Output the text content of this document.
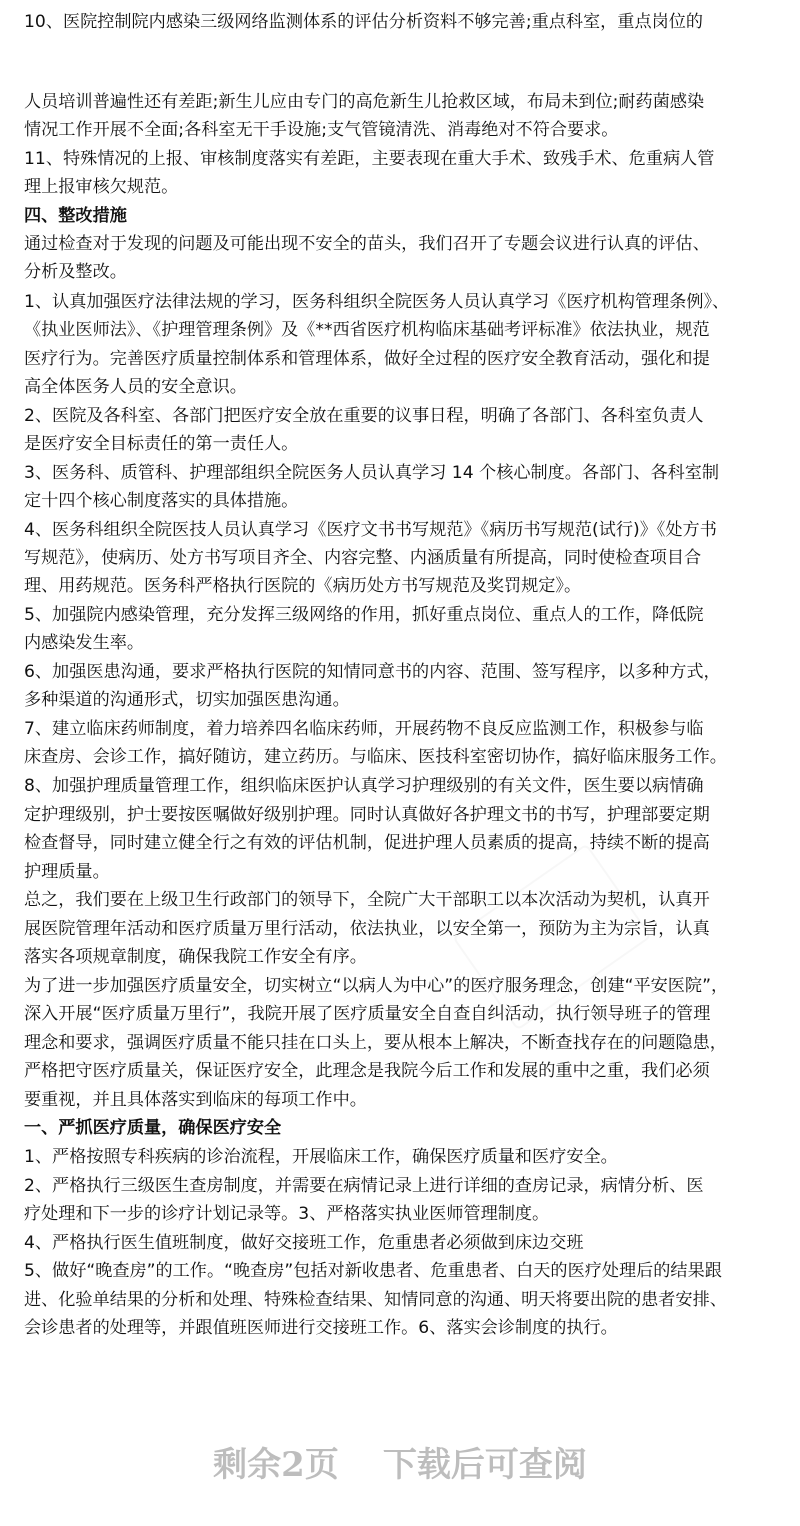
10、医院控制院内感染三级网络监测体系的评估分析资料不够完善;重点科室，重点岗位的
人员培训普遍性还有差距;新生儿应由专门的高危新生儿抢救区域，布局未到位;耐药菌感染
情况工作开展不全面;各科室无干手设施;支气管镜清洗、消毒绝对不符合要求。
11、特殊情况的上报、审核制度落实有差距，主要表现在重大手术、致残手术、危重病人管
理上报审核欠规范。
四、整改措施
通过检查对于发现的问题及可能出现不安全的苗头，我们召开了专题会议进行认真的评估、
分析及整改。
1、认真加强医疗法律法规的学习，医务科组织全院医务人员认真学习《医疗机构管理条例》、
《执业医师法》、《护理管理条例》及《**西省医疗机构临床基础考评标准》依法执业，规范
医疗行为。完善医疗质量控制体系和管理体系，做好全过程的医疗安全教育活动，强化和提
高全体医务人员的安全意识。
2、医院及各科室、各部门把医疗安全放在重要的议事日程，明确了各部门、各科室负责人
是医疗安全目标责任的第一责任人。
3、医务科、质管科、护理部组织全院医务人员认真学习 14 个核心制度。各部门、各科室制
定十四个核心制度落实的具体措施。
4、医务科组织全院医技人员认真学习《医疗文书书写规范》《病历书写规范(试行)》《处方书
写规范》，使病历、处方书写项目齐全、内容完整、内涵质量有所提高，同时使检查项目合
理、用药规范。医务科严格执行医院的《病历处方书写规范及奖罚规定》。
5、加强院内感染管理，充分发挥三级网络的作用，抓好重点岗位、重点人的工作，降低院
内感染发生率。
6、加强医患沟通，要求严格执行医院的知情同意书的内容、范围、签写程序，以多种方式，
多种渠道的沟通形式，切实加强医患沟通。
7、建立临床药师制度，着力培养四名临床药师，开展药物不良反应监测工作，积极参与临
床查房、会诊工作，搞好随访，建立药历。与临床、医技科室密切协作，搞好临床服务工作。
8、加强护理质量管理工作，组织临床医护认真学习护理级别的有关文件，医生要以病情确
定护理级别，护士要按医嘱做好级别护理。同时认真做好各护理文书的书写，护理部要定期
检查督导，同时建立健全行之有效的评估机制，促进护理人员素质的提高，持续不断的提高
护理质量。
总之，我们要在上级卫生行政部门的领导下，全院广大干部职工以本次活动为契机，认真开
展医院管理年活动和医疗质量万里行活动，依法执业，以安全第一，预防为主为宗旨，认真
落实各项规章制度，确保我院工作安全有序。
为了进一步加强医疗质量安全，切实树立“以病人为中心”的医疗服务理念，创建“平安医院”，
深入开展“医疗质量万里行”，我院开展了医疗质量安全自查自纠活动，执行领导班子的管理
理念和要求，强调医疗质量不能只挂在口头上，要从根本上解决，不断查找存在的问题隐患，
严格把守医疗质量关，保证医疗安全，此理念是我院今后工作和发展的重中之重，我们必须
要重视，并且具体落实到临床的每项工作中。
一、严抓医疗质量，确保医疗安全
1、严格按照专科疾病的诊治流程，开展临床工作，确保医疗质量和医疗安全。
2、严格执行三级医生查房制度，并需要在病情记录上进行详细的查房记录，病情分析、医
疗处理和下一步的诊疗计划记录等。3、严格落实执业医师管理制度。
4、严格执行医生值班制度，做好交接班工作，危重患者必须做到床边交班
5、做好“晚查房”的工作。“晚查房”包括对新收患者、危重患者、白天的医疗处理后的结果跟
进、化验单结果的分析和处理、特殊检查结果、知情同意的沟通、明天将要出院的患者安排、
会诊患者的处理等，并跟值班医师进行交接班工作。6、落实会诊制度的执行。
剩余2页 下载后可查阅
